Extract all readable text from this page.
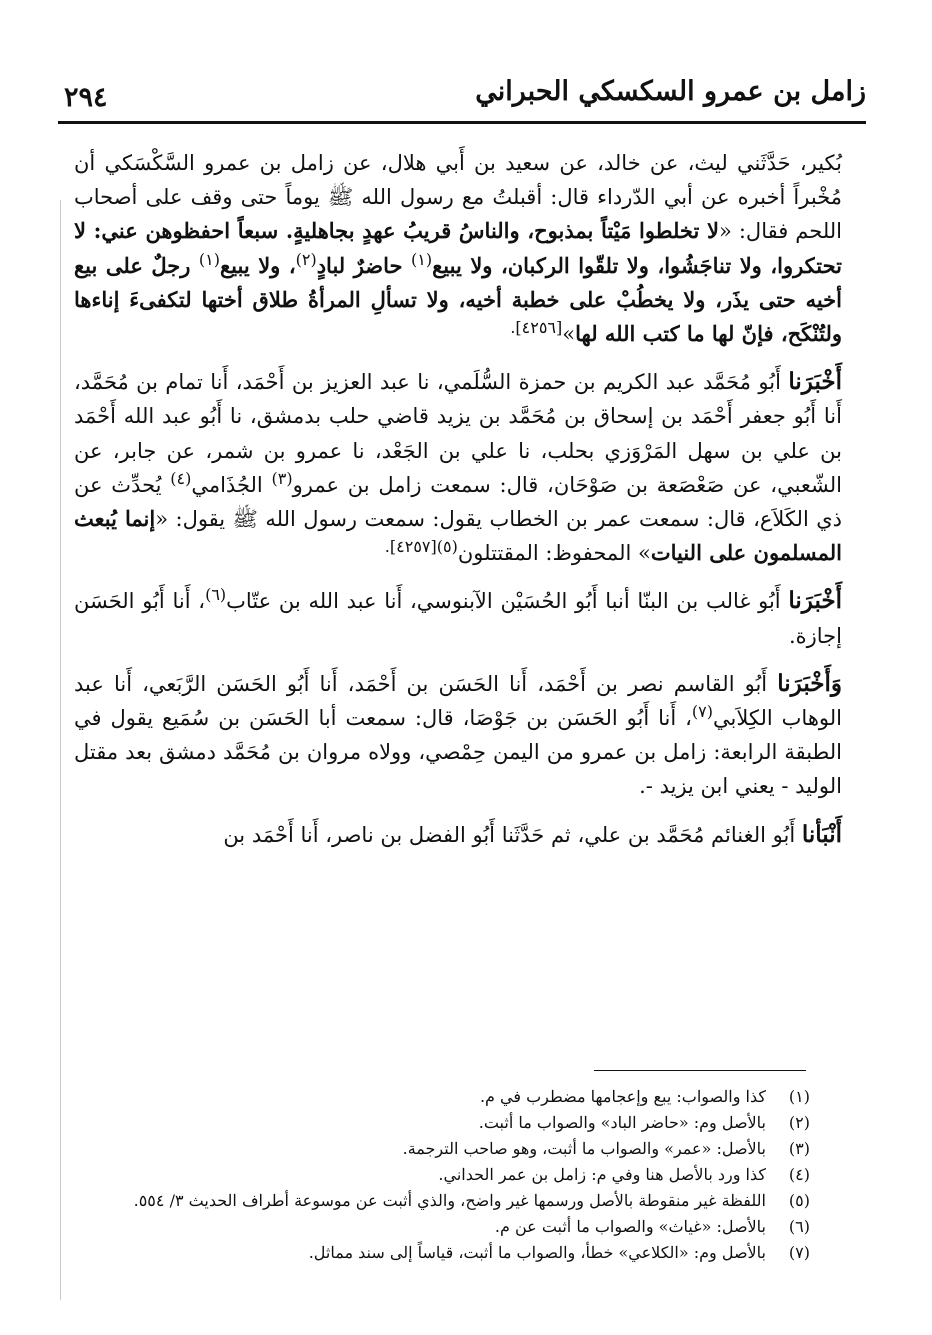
زامل بن عمرو السكسكي الحبراني
٢٩٤

بُكير، حَدَّثَني ليث، عن خالد، عن سعيد بن أَبي هلال، عن زامل بن عمرو السَّكْسَكي أن مُخْبراً أخبره عن أبي الدّرداء قال: أقبلتُ مع رسول الله ﷺ يوماً حتى وقف على أصحاب اللحم فقال: «لا تخلطوا مَيْتاً بمذبوح، والناسُ قريبُ عهدٍ بجاهليةٍ. سبعاً احفظوهن عني: لا تحتكروا، ولا تناجَشُوا، ولا تلقّوا الركبان، ولا يبيع$^{(١)}$ حاضرٌ لبادٍ$^{(٢)}$، ولا يبيع$^{(١)}$ رجلٌ على بيع أخيه حتى يذَر، ولا يخطُبْ على خطبة أخيه، ولا تسألِ المرأةُ طلاق أختها لتكفىءَ إناءها ولتُنْكَح، فإنّ لها ما كتب الله لها»$^{[٤٢٥٦].}$

أَخْبَرَنا أَبُو مُحَمَّد عبد الكريم بن حمزة السُّلَمي، نا عبد العزيز بن أَحْمَد، أَنا تمام بن مُحَمَّد، أَنا أَبُو جعفر أَحْمَد بن إسحاق بن مُحَمَّد بن يزيد قاضي حلب بدمشق، نا أَبُو عبد الله أَحْمَد بن علي بن سهل المَرْوَزي بحلب، نا علي بن الجَعْد، نا عمرو بن شمر، عن جابر، عن الشّعبي، عن صَعْصَعة بن صَوْحَان، قال: سمعت زامل بن عمرو$^{(٣)}$ الجُذَامي$^{(٤)}$ يُحدِّث عن ذي الكَلاَع، قال: سمعت عمر بن الخطاب يقول: سمعت رسول الله ﷺ يقول: «إنما يُبعث المسلمون على النيات» المحفوظ: المقتتلون$^{(٥)[٤٢٥٧].}$

أَخْبَرَنا أَبُو غالب بن البنّا أنبا أَبُو الحُسَيْن الآبنوسي، أَنا عبد الله بن عتّاب$^{(٦)}$، أَنا أَبُو الحَسَن إجازة.

وَأَخْبَرَنا أَبُو القاسم نصر بن أَحْمَد، أَنا الحَسَن بن أَحْمَد، أَنا أَبُو الحَسَن الرَّبَعي، أَنا عبد الوهاب الكِلاَبي$^{(٧)}$، أَنا أَبُو الحَسَن بن جَوْصَا، قال: سمعت أبا الحَسَن بن سُمَيع يقول في الطبقة الرابعة: زامل بن عمرو من اليمن حِمْصي، وولاه مروان بن مُحَمَّد دمشق بعد مقتل الوليد - يعني ابن يزيد -.

أَنْبَأنا أَبُو الغنائم مُحَمَّد بن علي، ثم حَدَّثَنا أَبُو الفضل بن ناصر، أَنا أَحْمَد بن

(١)
كذا والصواب: يبع وإعجامها مضطرب في م.
(٢)
بالأصل وم: «حاضر الباد» والصواب ما أثبت.
(٣)
بالأصل: «عمر» والصواب ما أثبت، وهو صاحب الترجمة.
(٤)
كذا ورد بالأصل هنا وفي م: زامل بن عمر الحداني.
(٥)
اللفظة غير منقوطة بالأصل ورسمها غير واضح، والذي أثبت عن موسوعة أطراف الحديث ٣/ ٥٥٤.
(٦)
بالأصل: «غياث» والصواب ما أثبت عن م.
(٧)
بالأصل وم: «الكلاعي» خطأ، والصواب ما أثبت، قياساً إلى سند مماثل.
